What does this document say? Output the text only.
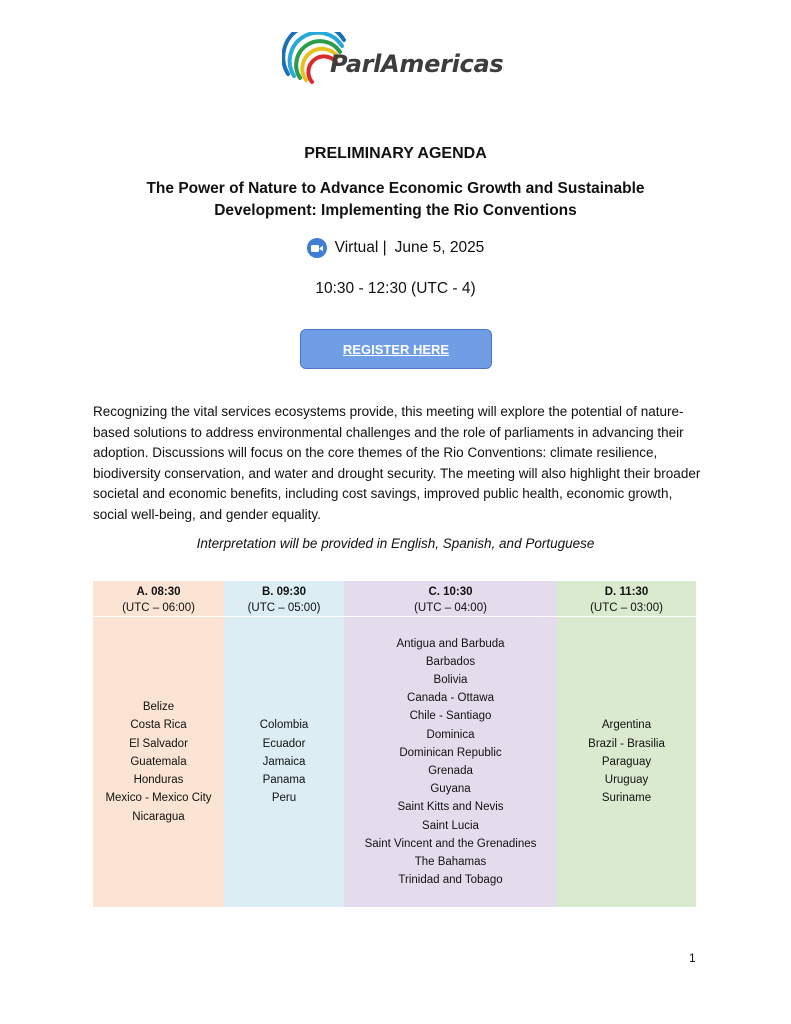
ParlAmericas
PRELIMINARY AGENDA
The Power of Nature to Advance Economic Growth and Sustainable
Development: Implementing the Rio Conventions
Virtual | June 5, 2025
10:30 - 12:30 (UTC - 4)
REGISTER HERE

Recognizing the vital services ecosystems provide, this meeting will explore the potential of nature-based solutions to address environmental challenges and the role of parliaments in advancing their adoption. Discussions will focus on the core themes of the Rio Conventions: climate resilience, biodiversity conservation, and water and drought security. The meeting will also highlight their broader societal and economic benefits, including cost savings, improved public health, economic growth, social well-being, and gender equality.

Interpretation will be provided in English, Spanish, and Portuguese
A. 08:30
(UTC – 06:00)
Belize
Costa Rica
El Salvador
Guatemala
Honduras
Mexico - Mexico City
Nicaragua
B. 09:30
(UTC – 05:00)
Colombia
Ecuador
Jamaica
Panama
Peru
C. 10:30
(UTC – 04:00)
Antigua and Barbuda
Barbados
Bolivia
Canada - Ottawa
Chile - Santiago
Dominica
Dominican Republic
Grenada
Guyana
Saint Kitts and Nevis
Saint Lucia
Saint Vincent and the Grenadines
The Bahamas
Trinidad and Tobago
D. 11:30
(UTC – 03:00)
Argentina
Brazil - Brasilia
Paraguay
Uruguay
Suriname
1
